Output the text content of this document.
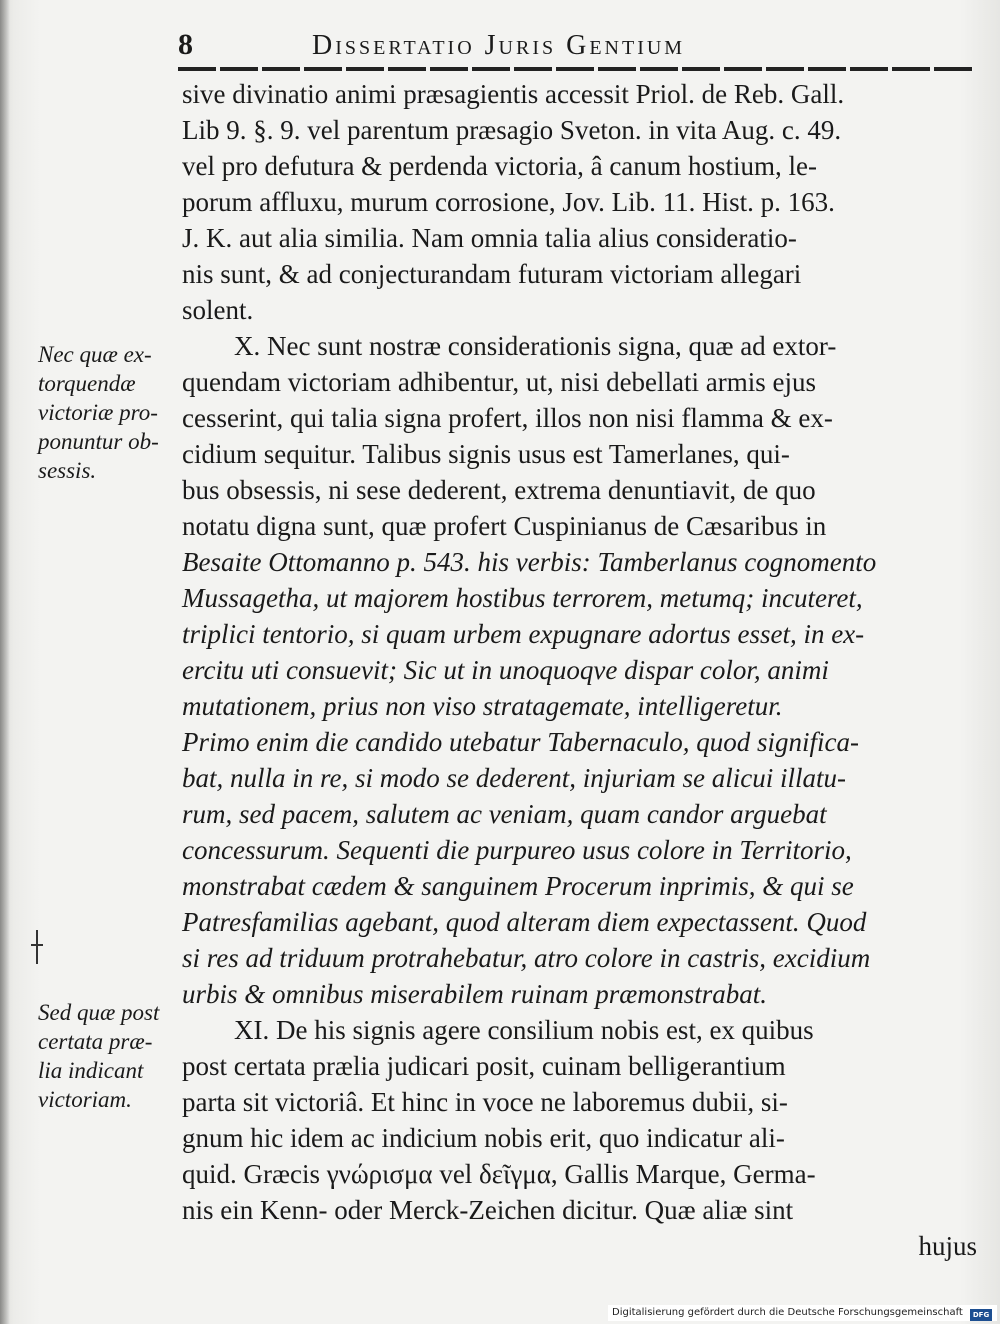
8	Dissertatio Juris Gentium
Nec quæ ex-
torquendæ
victoriæ pro-
ponuntur ob-
sessis.
Sed quæ post
certata præ-
lia indicant
victoriam.
sive divinatio animi præsagientis accessit Priol. de Reb. Gall.
Lib 9. §. 9. vel parentum præsagio Sveton. in vita Aug. c. 49.
vel pro defutura & perdenda victoria, â canum hostium, le-
porum affluxu, murum corrosione, Jov. Lib. 11. Hist. p. 163.
J. K. aut alia similia. Nam omnia talia alius consideratio-
nis sunt, & ad conjecturandam futuram victoriam allegari
solent.
X. Nec sunt nostræ considerationis signa, quæ ad extor-
quendam victoriam adhibentur, ut, nisi debellati armis ejus
cesserint, qui talia signa profert, illos non nisi flamma & ex-
cidium sequitur. Talibus signis usus est Tamerlanes, qui-
bus obsessis, ni sese dederent, extrema denuntiavit, de quo
notatu digna sunt, quæ profert Cuspinianus de Cæsaribus in
Besaite Ottomanno p. 543. his verbis: Tamberlanus cognomento
Mussagetha, ut majorem hostibus terrorem, metumq; incuteret,
triplici tentorio, si quam urbem expugnare adortus esset, in ex-
ercitu uti consuevit; Sic ut in unoquoqve dispar color, animi
mutationem, prius non viso stratagemate, intelligeretur.
Primo enim die candido utebatur Tabernaculo, quod significa-
bat, nulla in re, si modo se dederent, injuriam se alicui illatu-
rum, sed pacem, salutem ac veniam, quam candor arguebat
concessurum. Sequenti die purpureo usus colore in Territorio,
monstrabat cædem & sanguinem Procerum inprimis, & qui se
Patresfamilias agebant, quod alteram diem expectassent. Quod
si res ad triduum protrahebatur, atro colore in castris, excidium
urbis & omnibus miserabilem ruinam præmonstrabat.
XI. De his signis agere consilium nobis est, ex quibus
post certata prælia judicari posit, cuinam belligerantium
parta sit victoriâ. Et hinc in voce ne laboremus dubii, si-
gnum hic idem ac indicium nobis erit, quo indicatur ali-
quid. Græcis γνώρισμα vel δεῖγμα, Gallis Marque, Germa-
nis ein Kenn- oder Merck-Zeichen dicitur. Quæ aliæ sint
hujus
Digitalisierung gefördert durch die Deutsche Forschungsgemeinschaft DFG
